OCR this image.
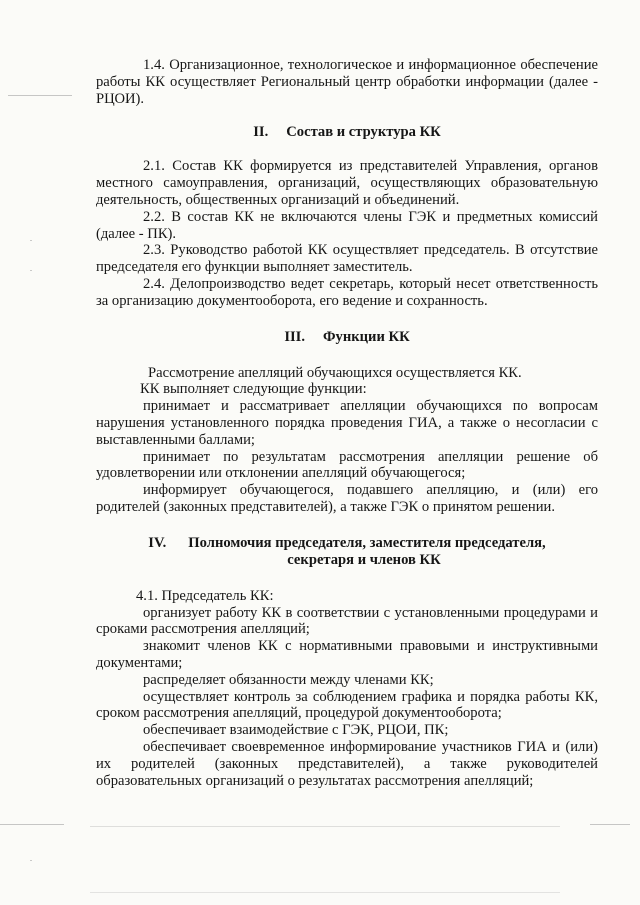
1.4. Организационное, технологическое и информационное обеспечение работы КК осуществляет Региональный центр обработки информации (далее - РЦОИ).

II. Состав и структура КК

2.1. Состав КК формируется из представителей Управления, органов местного самоуправления, организаций, осуществляющих образовательную деятельность, общественных организаций и объединений.

2.2. В состав КК не включаются члены ГЭК и предметных комиссий (далее - ПК).

2.3. Руководство работой КК осуществляет председатель. В отсутствие председателя его функции выполняет заместитель.

2.4. Делопроизводство ведет секретарь, который несет ответственность за организацию документооборота, его ведение и сохранность.

III. Функции КК

Рассмотрение апелляций обучающихся осуществляется КК.

КК выполняет следующие функции:

принимает и рассматривает апелляции обучающихся по вопросам нарушения установленного порядка проведения ГИА, а также о несогласии с выставленными баллами;

принимает по результатам рассмотрения апелляции решение об удовлетворении или отклонении апелляций обучающегося;

информирует обучающегося, подавшего апелляцию, и (или) его родителей (законных представителей), а также ГЭК о принятом решении.

IV. Полномочия председателя, заместителя председателя,
секретаря и членов КК

4.1. Председатель КК:

организует работу КК в соответствии с установленными процедурами и сроками рассмотрения апелляций;

знакомит членов КК с нормативными правовыми и инструктивными документами;

распределяет обязанности между членами КК;

осуществляет контроль за соблюдением графика и порядка работы КК, сроком рассмотрения апелляций, процедурой документооборота;

обеспечивает взаимодействие с ГЭК, РЦОИ, ПК;

обеспечивает своевременное информирование участников ГИА и (или) их родителей (законных представителей), а также руководителей образовательных организаций о результатах рассмотрения апелляций;
